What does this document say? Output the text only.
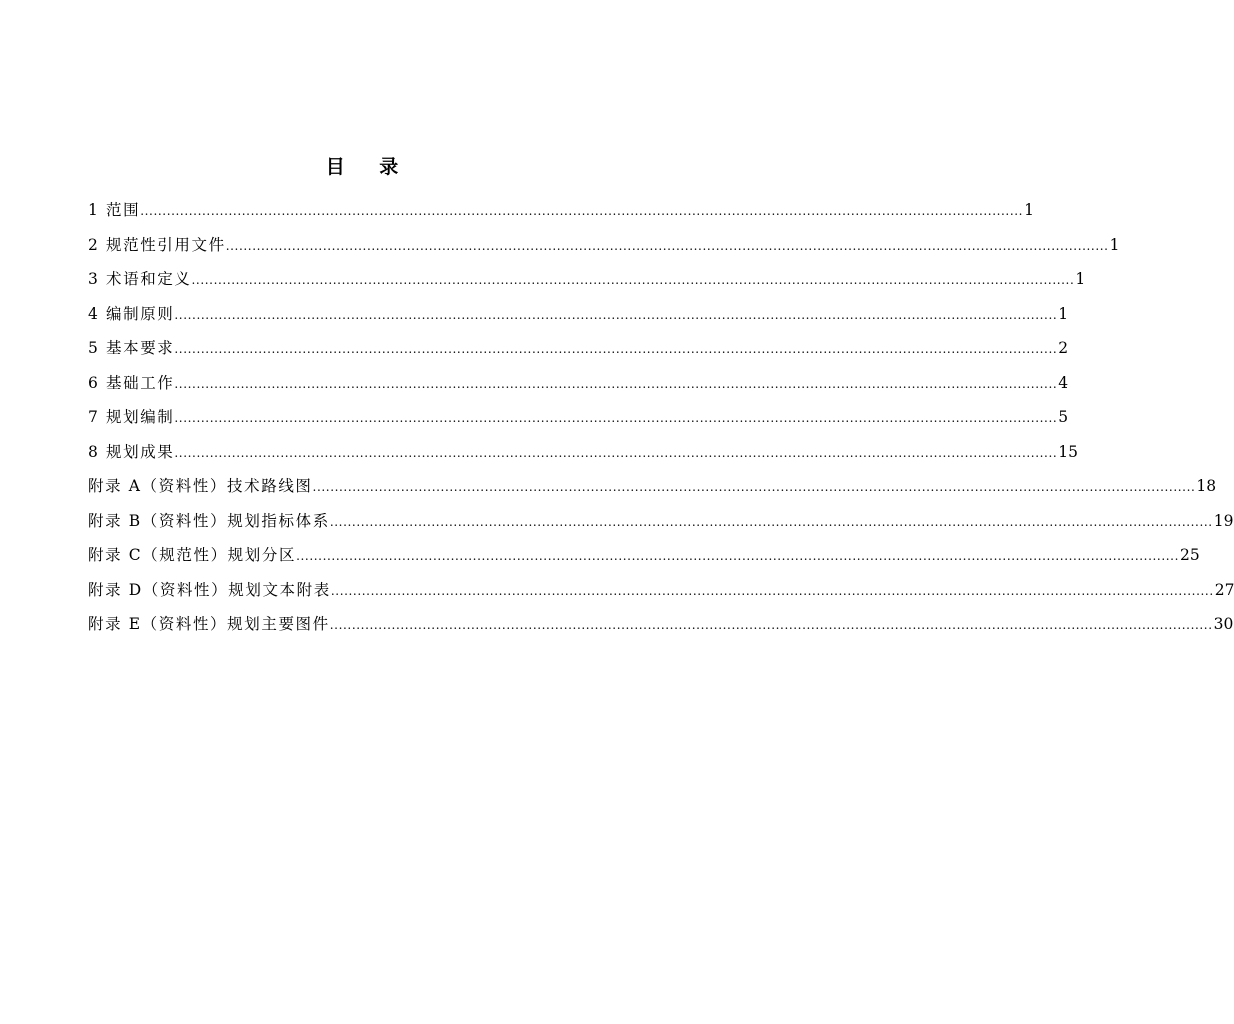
目 录
1 范围 ........................................................................................................................................................................................................ 1
2 规范性引用文件 ........................................................................................................................................................................................................ 1
3 术语和定义 ........................................................................................................................................................................................................ 1
4 编制原则 ........................................................................................................................................................................................................ 1
5 基本要求 ........................................................................................................................................................................................................ 2
6 基础工作 ........................................................................................................................................................................................................ 4
7 规划编制 ........................................................................................................................................................................................................ 5
8 规划成果 ........................................................................................................................................................................................................ 15
附录 A（资料性）技术路线图 ........................................................................................................................................................................................................ 18
附录 B（资料性）规划指标体系 ........................................................................................................................................................................................................ 19
附录 C（规范性）规划分区 ........................................................................................................................................................................................................ 25
附录 D（资料性）规划文本附表 ........................................................................................................................................................................................................ 27
附录 E（资料性）规划主要图件 ........................................................................................................................................................................................................ 30
